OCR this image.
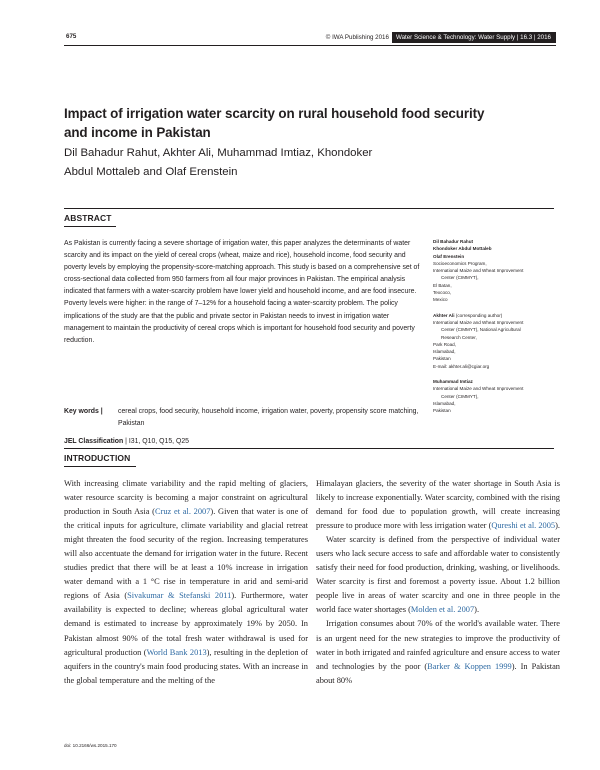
675	© IWA Publishing 2016	Water Science & Technology: Water Supply | 16.3 | 2016
Impact of irrigation water scarcity on rural household food security and income in Pakistan
Dil Bahadur Rahut, Akhter Ali, Muhammad Imtiaz, Khondoker
Abdul Mottaleb and Olaf Erenstein
ABSTRACT
As Pakistan is currently facing a severe shortage of irrigation water, this paper analyzes the determinants of water scarcity and its impact on the yield of cereal crops (wheat, maize and rice), household income, food security and poverty levels by employing the propensity-score-matching approach. This study is based on a comprehensive set of cross-sectional data collected from 950 farmers from all four major provinces in Pakistan. The empirical analysis indicated that farmers with a water-scarcity problem have lower yield and household income, and are food insecure. Poverty levels were higher: in the range of 7–12% for a household facing a water-scarcity problem. The policy implications of the study are that the public and private sector in Pakistan needs to invest in irrigation water management to maintain the productivity of cereal crops which is important for household food security and poverty reduction.
Key words |	cereal crops, food security, household income, irrigation water, poverty, propensity score matching, Pakistan
JEL Classification | I31, Q10, Q15, Q25
Dil Bahadur Rahut
Khondoker Abdul Mottaleb
Olaf Erenstein
Socioeconomics Program,
International Maize and Wheat Improvement
Center (CIMMYT),
El Batan,
Texcoco,
Mexico
Akhter Ali (corresponding author)
International Maize and Wheat Improvement
Center (CIMMYT), National Agricultural
Research Center,
Park Road,
Islamabad,
Pakistan
E-mail: akhter.ali@cgiar.org
Muhammad Imtiaz
International Maize and Wheat Improvement
Center (CIMMYT),
Islamabad,
Pakistan
INTRODUCTION

With increasing climate variability and the rapid melting of glaciers, water resource scarcity is becoming a major constraint on agricultural production in South Asia (Cruz et al. 2007). Given that water is one of the critical inputs for agriculture, climate variability and glacial retreat might threaten the food security of the region. Increasing temperatures will also accentuate the demand for irrigation water in the future. Recent studies predict that there will be at least a 10% increase in irrigation water demand with a 1 °C rise in temperature in arid and semi-arid regions of Asia (Sivakumar & Stefanski 2011). Furthermore, water availability is expected to decline; whereas global agricultural water demand is estimated to increase by approximately 19% by 2050. In Pakistan almost 90% of the total fresh water withdrawal is used for agricultural production (World Bank 2013), resulting in the depletion of aquifers in the country's main food producing states. With an increase in the global temperature and the melting of the

Himalayan glaciers, the severity of the water shortage in South Asia is likely to increase exponentially. Water scarcity, combined with the rising demand for food due to population growth, will create increasing pressure to produce more with less irrigation water (Qureshi et al. 2005).

Water scarcity is defined from the perspective of individual water users who lack secure access to safe and affordable water to consistently satisfy their need for food production, drinking, washing, or livelihoods. Water scarcity is first and foremost a poverty issue. About 1.2 billion people live in areas of water scarcity and one in three people in the world face water shortages (Molden et al. 2007).

Irrigation consumes about 70% of the world's available water. There is an urgent need for the new strategies to improve the productivity of water in both irrigated and rainfed agriculture and ensure access to water and technologies by the poor (Barker & Koppen 1999). In Pakistan about 80%

doi: 10.2166/ws.2015.170
